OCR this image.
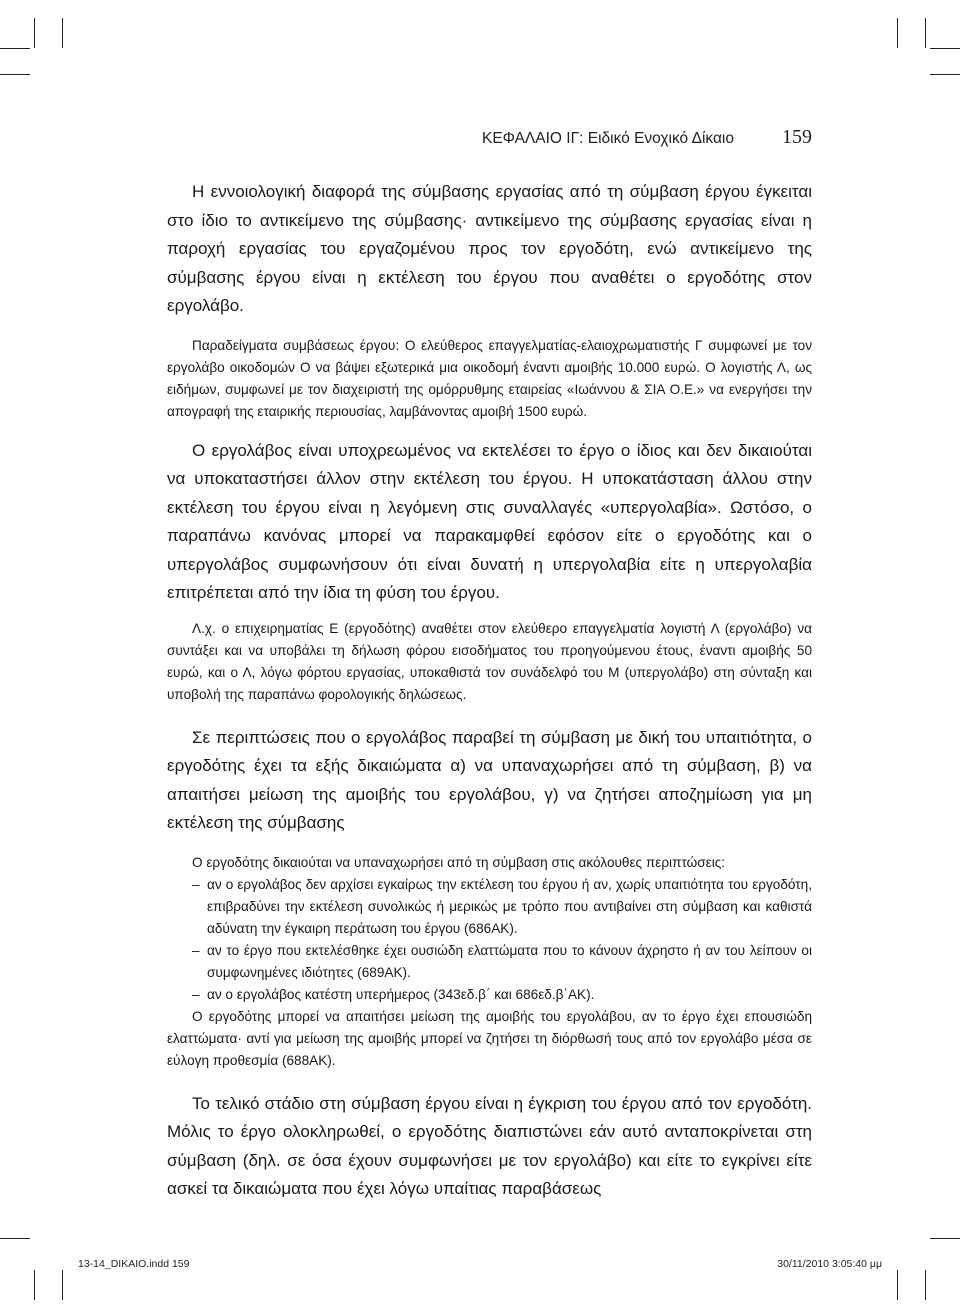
ΚΕΦΑΛΑΙΟ ΙΓ: Ειδικό Ενοχικό Δίκαιο 159

Η εννοιολογική διαφορά της σύμβασης εργασίας από τη σύμβαση έργου έγκειται στο ίδιο το αντικείμενο της σύμβασης· αντικείμενο της σύμβασης εργασίας είναι η παροχή εργασίας του εργαζομένου προς τον εργοδότη, ενώ αντικείμενο της σύμβασης έργου είναι η εκτέλεση του έργου που αναθέτει ο εργοδότης στον εργολάβο.

Παραδείγματα συμβάσεως έργου: Ο ελεύθερος επαγγελματίας-ελαιοχρωματιστής Γ συμφωνεί με τον εργολάβο οικοδομών Ο να βάψει εξωτερικά μια οικοδομή έναντι αμοιβής 10.000 ευρώ. Ο λογιστής Λ, ως ειδήμων, συμφωνεί με τον διαχειριστή της ομόρρυθμης εταιρείας «Ιωάννου & ΣΙΑ Ο.Ε.» να ενεργήσει την απογραφή της εταιρικής περιουσίας, λαμβάνοντας αμοιβή 1500 ευρώ.

Ο εργολάβος είναι υποχρεωμένος να εκτελέσει το έργο ο ίδιος και δεν δικαιούται να υποκαταστήσει άλλον στην εκτέλεση του έργου. Η υποκατάσταση άλλου στην εκτέλεση του έργου είναι η λεγόμενη στις συναλλαγές «υπεργολαβία». Ωστόσο, ο παραπάνω κανόνας μπορεί να παρακαμφθεί εφόσον είτε ο εργοδότης και ο υπεργολάβος συμφωνήσουν ότι είναι δυνατή η υπεργολαβία είτε η υπεργολαβία επιτρέπεται από την ίδια τη φύση του έργου.

Λ.χ. ο επιχειρηματίας Ε (εργοδότης) αναθέτει στον ελεύθερο επαγγελματία λογιστή Λ (εργολάβο) να συντάξει και να υποβάλει τη δήλωση φόρου εισοδήματος του προηγούμενου έτους, έναντι αμοιβής 50 ευρώ, και ο Λ, λόγω φόρτου εργασίας, υποκαθιστά τον συνάδελφό του Μ (υπεργολάβο) στη σύνταξη και υποβολή της παραπάνω φορολογικής δηλώσεως.

Σε περιπτώσεις που ο εργολάβος παραβεί τη σύμβαση με δική του υπαιτιότητα, ο εργοδότης έχει τα εξής δικαιώματα α) να υπαναχωρήσει από τη σύμβαση, β) να απαιτήσει μείωση της αμοιβής του εργολάβου, γ) να ζητήσει αποζημίωση για μη εκτέλεση της σύμβασης

Ο εργοδότης δικαιούται να υπαναχωρήσει από τη σύμβαση στις ακόλουθες περιπτώσεις:

– αν ο εργολάβος δεν αρχίσει εγκαίρως την εκτέλεση του έργου ή αν, χωρίς υπαιτιότητα του εργοδότη, επιβραδύνει την εκτέλεση συνολικώς ή μερικώς με τρόπο που αντιβαίνει στη σύμβαση και καθιστά αδύνατη την έγκαιρη περάτωση του έργου (686ΑΚ).
– αν το έργο που εκτελέσθηκε έχει ουσιώδη ελαττώματα που το κάνουν άχρηστο ή αν του λείπουν οι συμφωνημένες ιδιότητες (689ΑΚ).
– αν ο εργολάβος κατέστη υπερήμερος (343εδ.β΄ και 686εδ.β΄ΑΚ).

Ο εργοδότης μπορεί να απαιτήσει μείωση της αμοιβής του εργολάβου, αν το έργο έχει επουσιώδη ελαττώματα· αντί για μείωση της αμοιβής μπορεί να ζητήσει τη διόρθωσή τους από τον εργολάβο μέσα σε εύλογη προθεσμία (688ΑΚ).

Το τελικό στάδιο στη σύμβαση έργου είναι η έγκριση του έργου από τον εργοδότη. Μόλις το έργο ολοκληρωθεί, ο εργοδότης διαπιστώνει εάν αυτό ανταποκρίνεται στη σύμβαση (δηλ. σε όσα έχουν συμφωνήσει με τον εργολάβο) και είτε το εγκρίνει είτε ασκεί τα δικαιώματα που έχει λόγω υπαίτιας παραβάσεως

13-14_DIKAIO.indd 159	30/11/2010 3:05:40 μμ
